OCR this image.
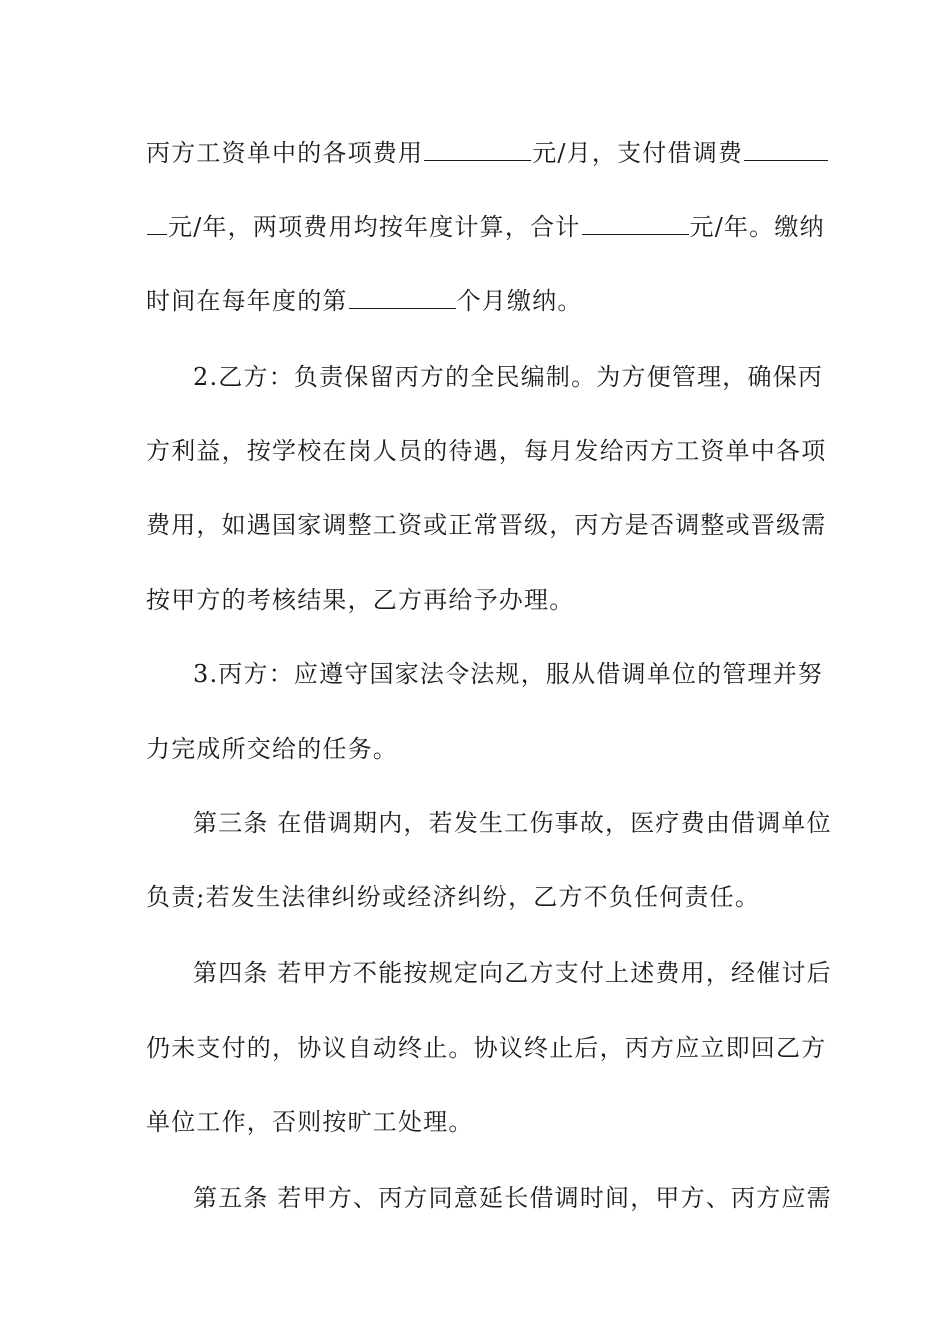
丙方工资单中的各项费用	元/月，支付借调费
元/年，两项费用均按年度计算，合计	元/年。缴纳
时间在每年度的第	个月缴纳。
2.乙方：负责保留丙方的全民编制。为方便管理，确保丙
方利益，按学校在岗人员的待遇，每月发给丙方工资单中各项
费用，如遇国家调整工资或正常晋级，丙方是否调整或晋级需
按甲方的考核结果，乙方再给予办理。
3.丙方：应遵守国家法令法规，服从借调单位的管理并努
力完成所交给的任务。
第三条 在借调期内，若发生工伤事故，医疗费由借调单位
负责;若发生法律纠纷或经济纠纷，乙方不负任何责任。
第四条 若甲方不能按规定向乙方支付上述费用，经催讨后
仍未支付的，协议自动终止。协议终止后，丙方应立即回乙方
单位工作，否则按旷工处理。
第五条 若甲方、丙方同意延长借调时间，甲方、丙方应需
